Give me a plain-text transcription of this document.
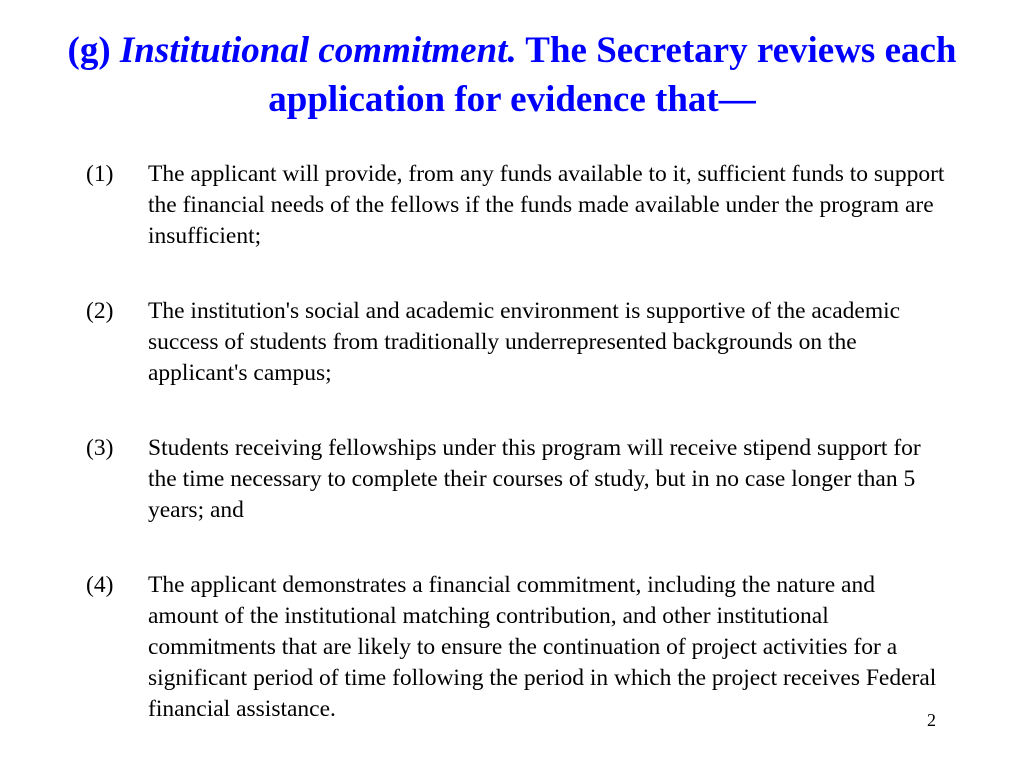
(g) Institutional commitment. The Secretary reviews each application for evidence that—
(1)	The applicant will provide, from any funds available to it, sufficient funds to support the financial needs of the fellows if the funds made available under the program are insufficient;
(2)	The institution's social and academic environment is supportive of the academic success of students from traditionally underrepresented backgrounds on the applicant's campus;
(3)	Students receiving fellowships under this program will receive stipend support for the time necessary to complete their courses of study, but in no case longer than 5 years; and
(4)	The applicant demonstrates a financial commitment, including the nature and amount of the institutional matching contribution, and other institutional commitments that are likely to ensure the continuation of project activities for a significant period of time following the period in which the project receives Federal financial assistance.	2
